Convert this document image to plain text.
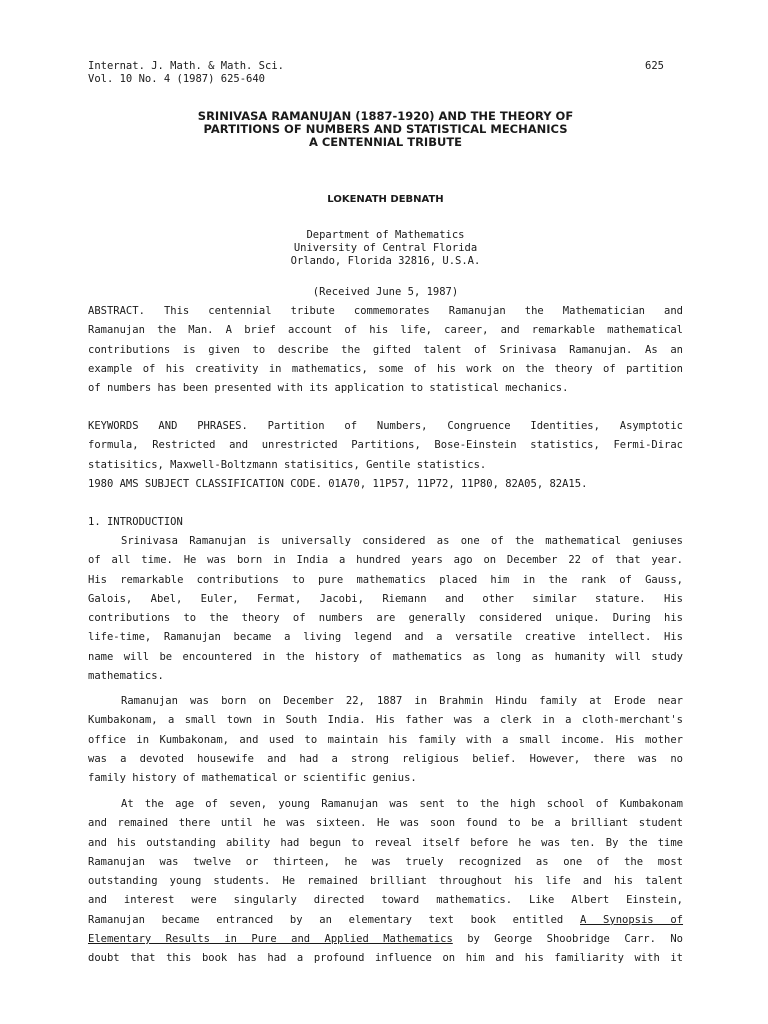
Internat. J. Math. & Math. Sci.
Vol. 10 No. 4 (1987) 625-640
625
SRINIVASA RAMANUJAN (1887-1920) AND THE THEORY OF
PARTITIONS OF NUMBERS AND STATISTICAL MECHANICS
A CENTENNIAL TRIBUTE
LOKENATH DEBNATH
Department of Mathematics
University of Central Florida
Orlando, Florida 32816, U.S.A.
(Received June 5, 1987)
ABSTRACT. This centennial tribute commemorates Ramanujan the Mathematician and
Ramanujan the Man. A brief account of his life, career, and remarkable mathematical
contributions is given to describe the gifted talent of Srinivasa Ramanujan. As an
example of his creativity in mathematics, some of his work on the theory of partition
of numbers has been presented with its application to statistical mechanics.
KEYWORDS AND PHRASES. Partition of Numbers, Congruence Identities, Asymptotic
formula, Restricted and unrestricted Partitions, Bose-Einstein statistics, Fermi-Dirac
statisitics, Maxwell-Boltzmann statisitics, Gentile statistics.
1980 AMS SUBJECT CLASSIFICATION CODE. 01A70, 11P57, 11P72, 11P80, 82A05, 82A15.
1. INTRODUCTION
Srinivasa Ramanujan is universally considered as one of the mathematical geniuses
of all time. He was born in India a hundred years ago on December 22 of that year.
His remarkable contributions to pure mathematics placed him in the rank of Gauss,
Galois, Abel, Euler, Fermat, Jacobi, Riemann and other similar stature. His
contributions to the theory of numbers are generally considered unique. During his
life-time, Ramanujan became a living legend and a versatile creative intellect. His
name will be encountered in the history of mathematics as long as humanity will study
mathematics.
Ramanujan was born on December 22, 1887 in Brahmin Hindu family at Erode near
Kumbakonam, a small town in South India. His father was a clerk in a cloth-merchant's
office in Kumbakonam, and used to maintain his family with a small income. His mother
was a devoted housewife and had a strong religious belief. However, there was no
family history of mathematical or scientific genius.
At the age of seven, young Ramanujan was sent to the high school of Kumbakonam
and remained there until he was sixteen. He was soon found to be a brilliant student
and his outstanding ability had begun to reveal itself before he was ten. By the time
Ramanujan was twelve or thirteen, he was truely recognized as one of the most
outstanding young students. He remained brilliant throughout his life and his talent
and interest were singularly directed toward mathematics. Like Albert Einstein,
Ramanujan became entranced by an elementary text book entitled A Synopsis of
Elementary Results in Pure and Applied Mathematics by George Shoobridge Carr. No
doubt that this book has had a profound influence on him and his familiarity with it
